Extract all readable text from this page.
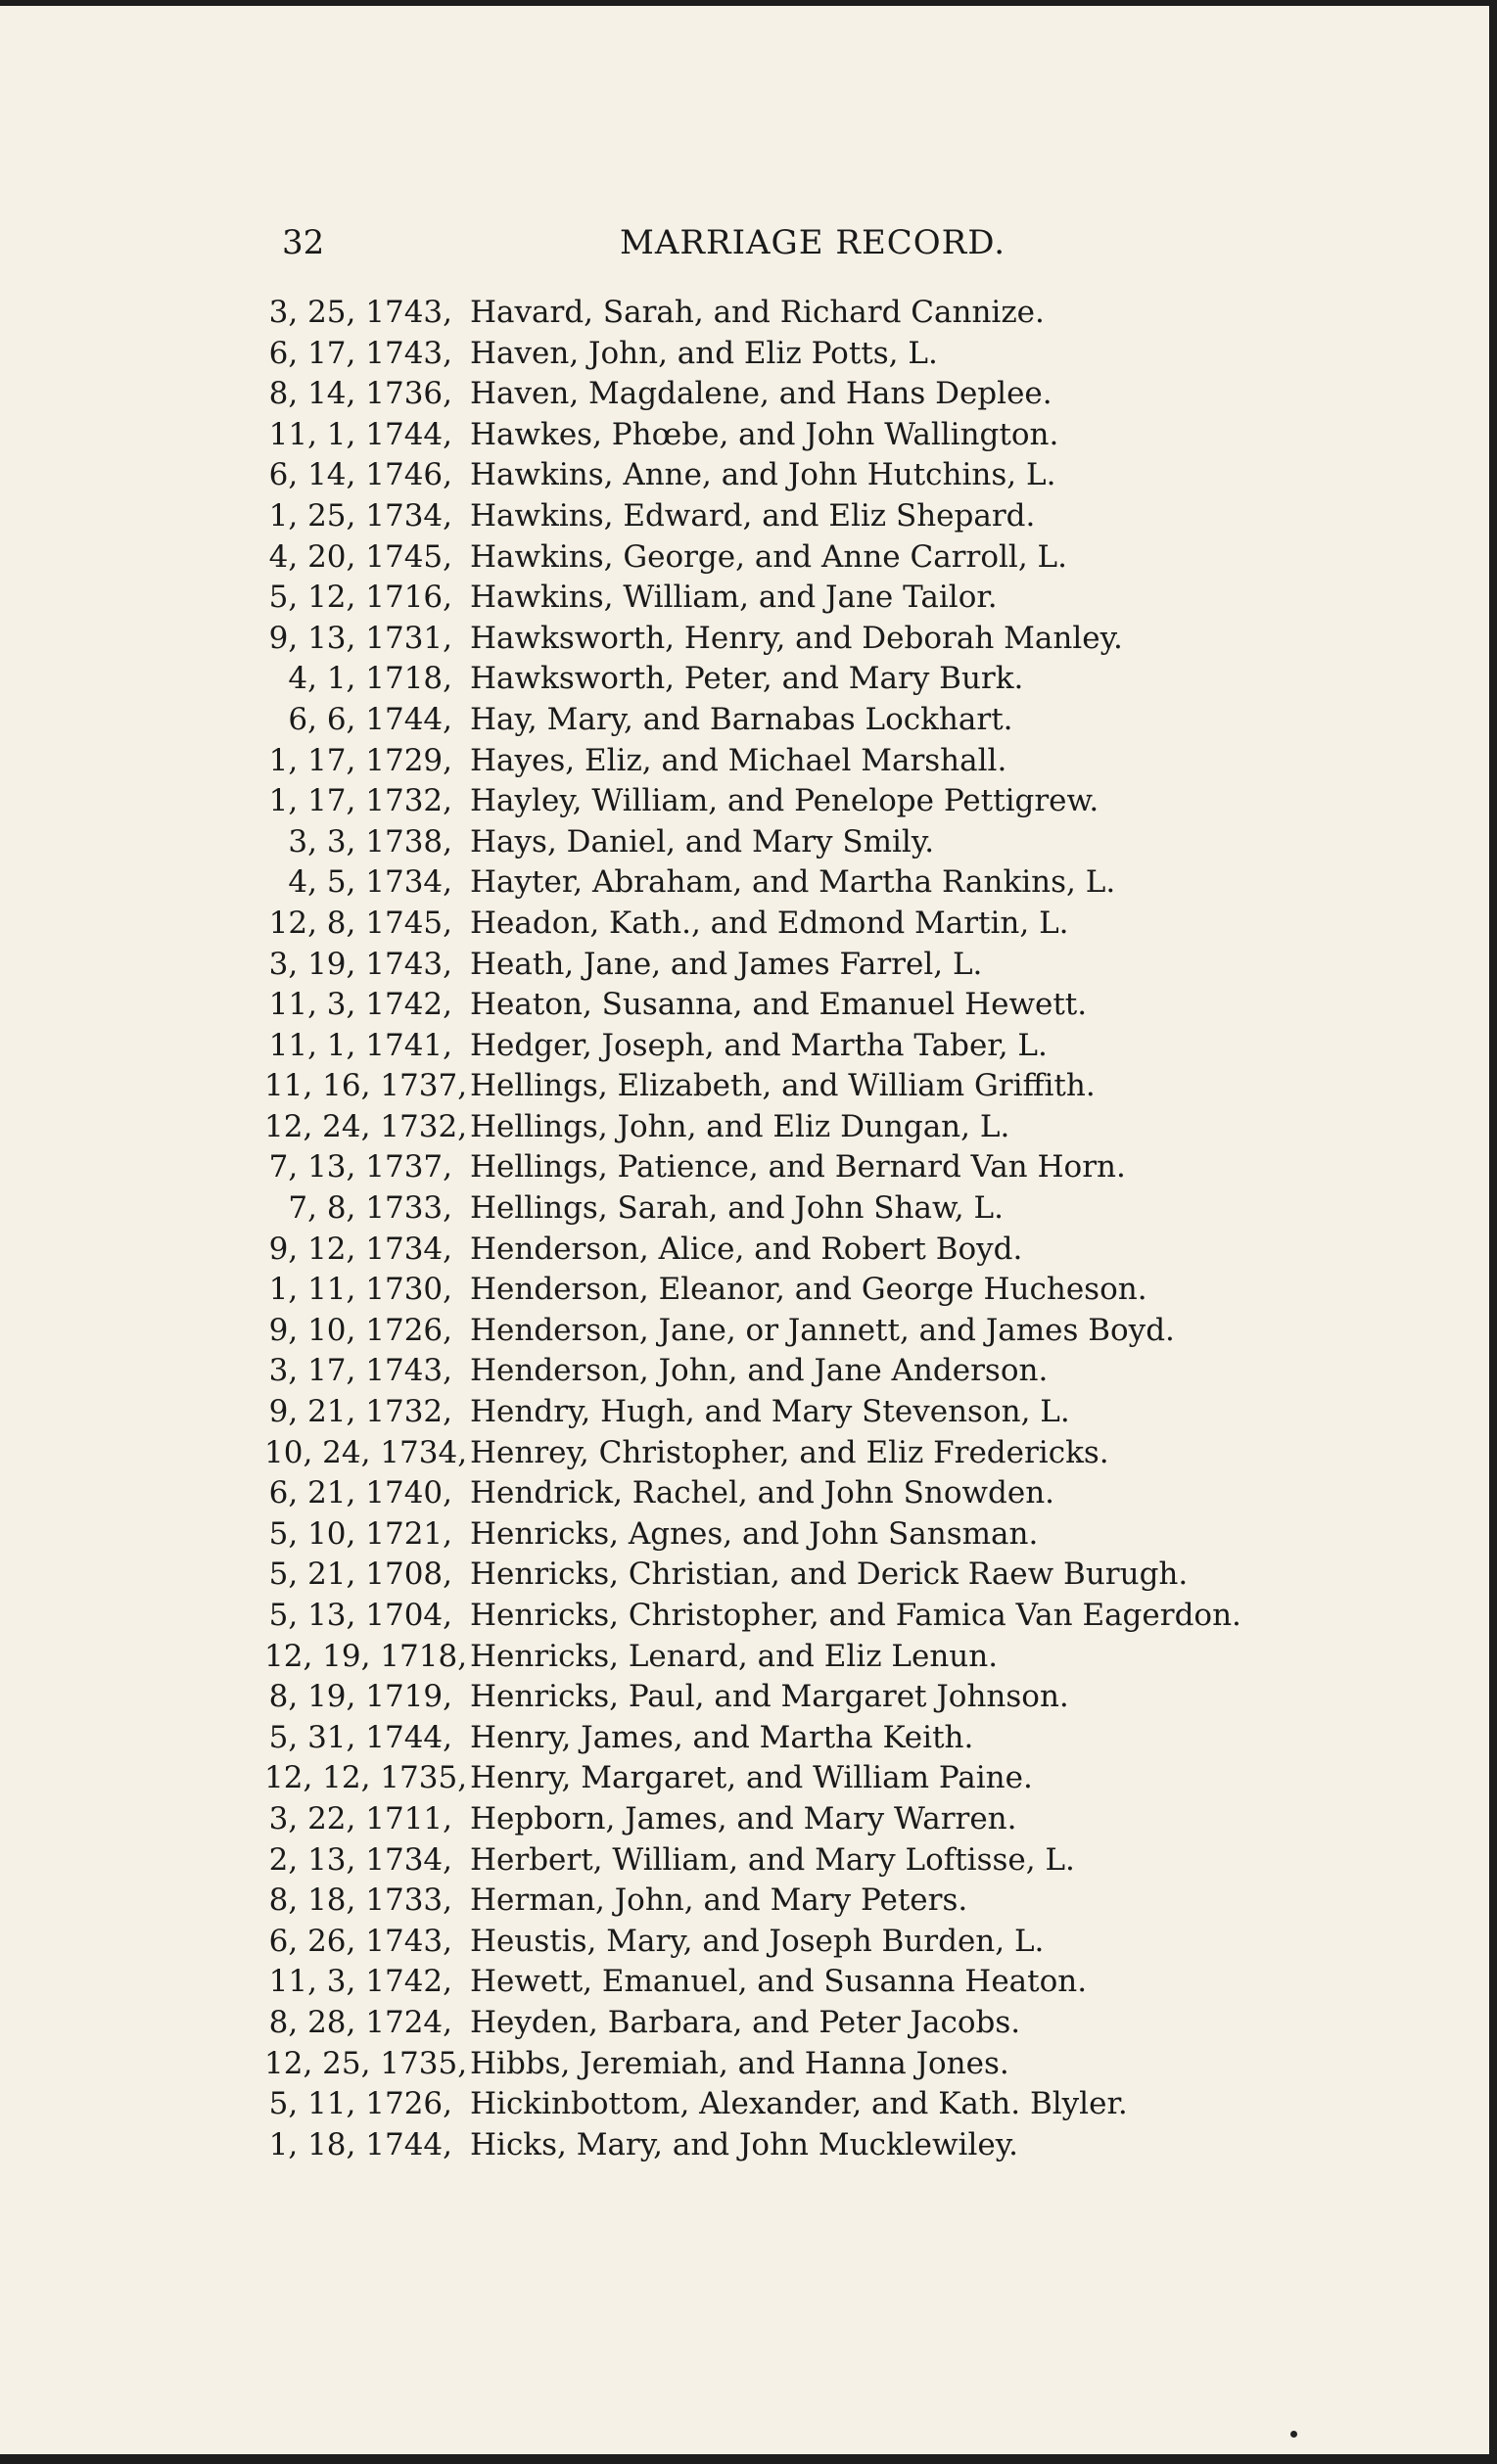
32	MARRIAGE RECORD.
3, 25, 1743, Havard, Sarah, and Richard Cannize.
6, 17, 1743, Haven, John, and Eliz Potts, L.
8, 14, 1736, Haven, Magdalene, and Hans Deplee.
11, 1, 1744, Hawkes, Phœbe, and John Wallington.
6, 14, 1746, Hawkins, Anne, and John Hutchins, L.
1, 25, 1734, Hawkins, Edward, and Eliz Shepard.
4, 20, 1745, Hawkins, George, and Anne Carroll, L.
5, 12, 1716, Hawkins, William, and Jane Tailor.
9, 13, 1731, Hawksworth, Henry, and Deborah Manley.
4, 1, 1718, Hawksworth, Peter, and Mary Burk.
6, 6, 1744, Hay, Mary, and Barnabas Lockhart.
1, 17, 1729, Hayes, Eliz, and Michael Marshall.
1, 17, 1732, Hayley, William, and Penelope Pettigrew.
3, 3, 1738, Hays, Daniel, and Mary Smily.
4, 5, 1734, Hayter, Abraham, and Martha Rankins, L.
12, 8, 1745, Headon, Kath., and Edmond Martin, L.
3, 19, 1743, Heath, Jane, and James Farrel, L.
11, 3, 1742, Heaton, Susanna, and Emanuel Hewett.
11, 1, 1741, Hedger, Joseph, and Martha Taber, L.
11, 16, 1737, Hellings, Elizabeth, and William Griffith.
12, 24, 1732, Hellings, John, and Eliz Dungan, L.
7, 13, 1737, Hellings, Patience, and Bernard Van Horn.
7, 8, 1733, Hellings, Sarah, and John Shaw, L.
9, 12, 1734, Henderson, Alice, and Robert Boyd.
1, 11, 1730, Henderson, Eleanor, and George Hucheson.
9, 10, 1726, Henderson, Jane, or Jannett, and James Boyd.
3, 17, 1743, Henderson, John, and Jane Anderson.
9, 21, 1732, Hendry, Hugh, and Mary Stevenson, L.
10, 24, 1734, Henrey, Christopher, and Eliz Fredericks.
6, 21, 1740, Hendrick, Rachel, and John Snowden.
5, 10, 1721, Henricks, Agnes, and John Sansman.
5, 21, 1708, Henricks, Christian, and Derick Raew Burugh.
5, 13, 1704, Henricks, Christopher, and Famica Van Eagerdon.
12, 19, 1718, Henricks, Lenard, and Eliz Lenun.
8, 19, 1719, Henricks, Paul, and Margaret Johnson.
5, 31, 1744, Henry, James, and Martha Keith.
12, 12, 1735, Henry, Margaret, and William Paine.
3, 22, 1711, Hepborn, James, and Mary Warren.
2, 13, 1734, Herbert, William, and Mary Loftisse, L.
8, 18, 1733, Herman, John, and Mary Peters.
6, 26, 1743, Heustis, Mary, and Joseph Burden, L.
11, 3, 1742, Hewett, Emanuel, and Susanna Heaton.
8, 28, 1724, Heyden, Barbara, and Peter Jacobs.
12, 25, 1735, Hibbs, Jeremiah, and Hanna Jones.
5, 11, 1726, Hickinbottom, Alexander, and Kath. Blyler.
1, 18, 1744, Hicks, Mary, and John Mucklewiley.
